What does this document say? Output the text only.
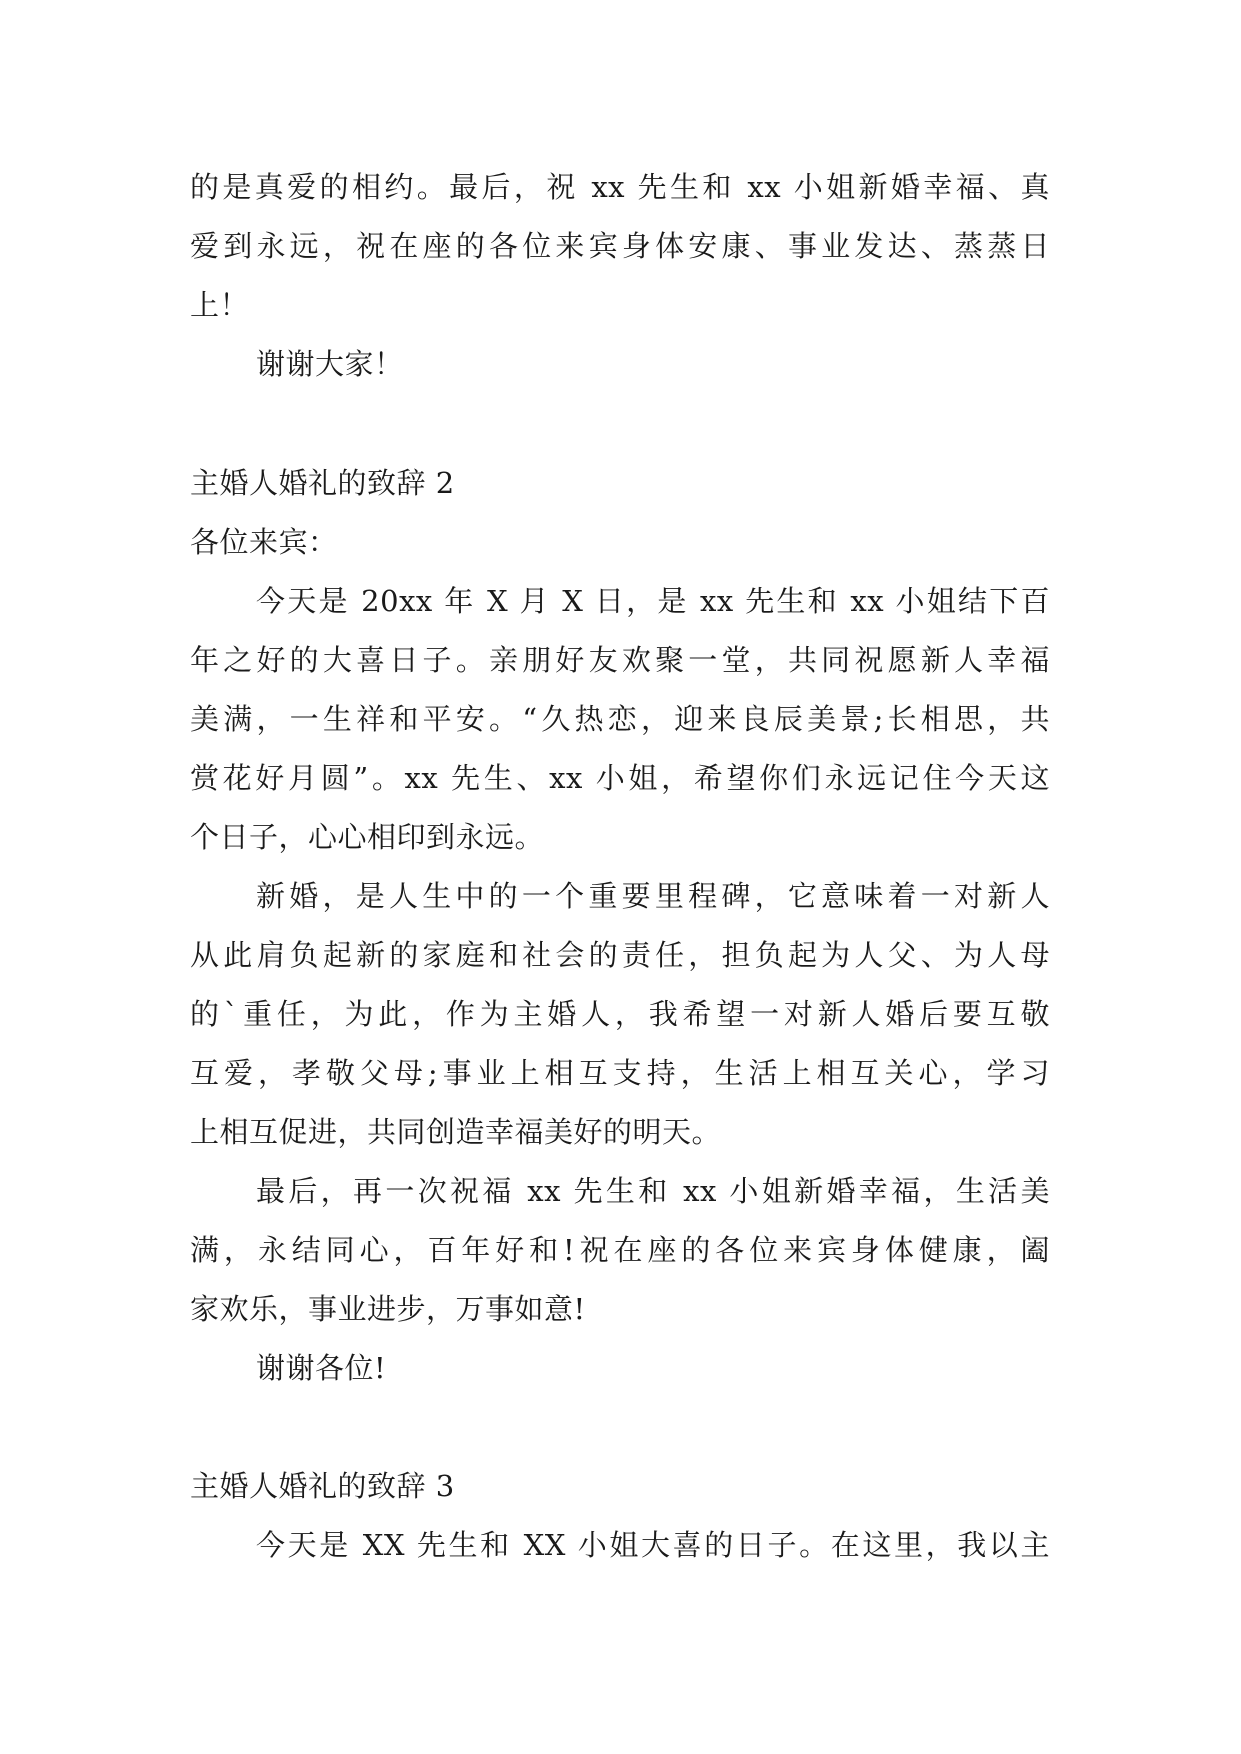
的是真爱的相约。最后，祝 xx 先生和 xx 小姐新婚幸福、真
爱到永远，祝在座的各位来宾身体安康、事业发达、蒸蒸日
上！
谢谢大家！
主婚人婚礼的致辞 2
各位来宾：
今天是 20xx 年 X 月 X 日，是 xx 先生和 xx 小姐结下百
年之好的大喜日子。亲朋好友欢聚一堂，共同祝愿新人幸福
美满，一生祥和平安。“久热恋，迎来良辰美景;长相思，共
赏花好月圆”。xx 先生、xx 小姐，希望你们永远记住今天这
个日子，心心相印到永远。
新婚，是人生中的一个重要里程碑，它意味着一对新人
从此肩负起新的家庭和社会的责任，担负起为人父、为人母
的`重任，为此，作为主婚人，我希望一对新人婚后要互敬
互爱，孝敬父母;事业上相互支持，生活上相互关心，学习
上相互促进，共同创造幸福美好的明天。
最后，再一次祝福 xx 先生和 xx 小姐新婚幸福，生活美
满，永结同心，百年好和!祝在座的各位来宾身体健康，阖
家欢乐，事业进步，万事如意!
谢谢各位!
主婚人婚礼的致辞 3
今天是 XX 先生和 XX 小姐大喜的日子。在这里，我以主
